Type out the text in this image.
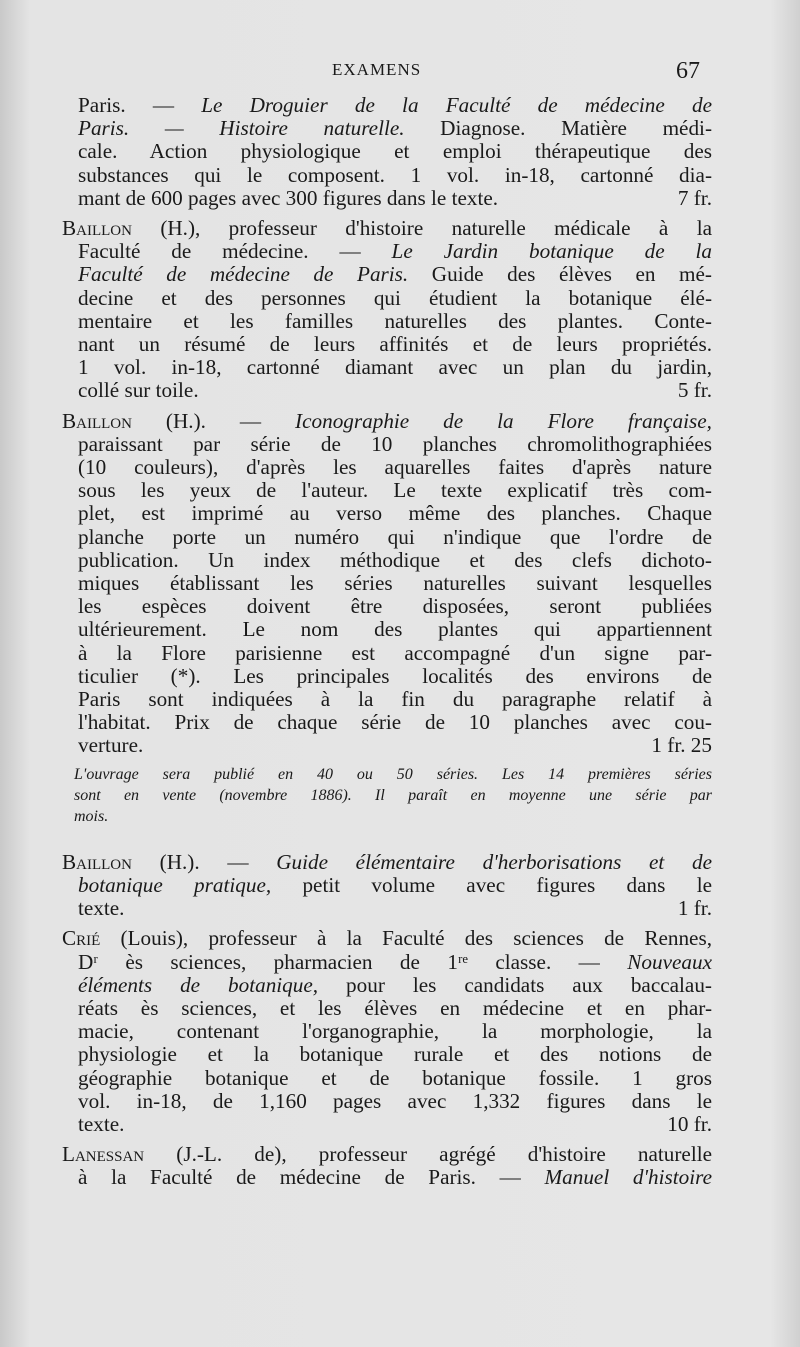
EXAMENS	67
Paris. — Le Droguier de la Faculté de médecine de
Paris. — Histoire naturelle. Diagnose. Matière médi-
cale. Action physiologique et emploi thérapeutique des
substances qui le composent. 1 vol. in-18, cartonné dia-
mant de 600 pages avec 300 figures dans le texte.	7 fr.
Baillon (H.), professeur d'histoire naturelle médicale à la
Faculté de médecine. — Le Jardin botanique de la
Faculté de médecine de Paris. Guide des élèves en mé-
decine et des personnes qui étudient la botanique élé-
mentaire et les familles naturelles des plantes. Conte-
nant un résumé de leurs affinités et de leurs propriétés.
1 vol. in-18, cartonné diamant avec un plan du jardin,
collé sur toile.	5 fr.
Baillon (H.). — Iconographie de la Flore française,
paraissant par série de 10 planches chromolithographiées
(10 couleurs), d'après les aquarelles faites d'après nature
sous les yeux de l'auteur. Le texte explicatif très com-
plet, est imprimé au verso même des planches. Chaque
planche porte un numéro qui n'indique que l'ordre de
publication. Un index méthodique et des clefs dichoto-
miques établissant les séries naturelles suivant lesquelles
les espèces doivent être disposées, seront publiées
ultérieurement. Le nom des plantes qui appartiennent
à la Flore parisienne est accompagné d'un signe par-
ticulier (*). Les principales localités des environs de
Paris sont indiquées à la fin du paragraphe relatif à
l'habitat. Prix de chaque série de 10 planches avec cou-
verture.	1 fr. 25
L'ouvrage sera publié en 40 ou 50 séries. Les 14 premières séries
sont en vente (novembre 1886). Il paraît en moyenne une série par
mois.
Baillon (H.). — Guide élémentaire d'herborisations et de
botanique pratique, petit volume avec figures dans le
texte.	1 fr.
Crié (Louis), professeur à la Faculté des sciences de Rennes,
Dʳ ès sciences, pharmacien de 1ʳᵉ classe. — Nouveaux
éléments de botanique, pour les candidats aux baccalau-
réats ès sciences, et les élèves en médecine et en phar-
macie, contenant l'organographie, la morphologie, la
physiologie et la botanique rurale et des notions de
géographie botanique et de botanique fossile. 1 gros
vol. in-18, de 1,160 pages avec 1,332 figures dans le
texte.	10 fr.
Lanessan (J.-L. de), professeur agrégé d'histoire naturelle
à la Faculté de médecine de Paris. — Manuel d'histoire
